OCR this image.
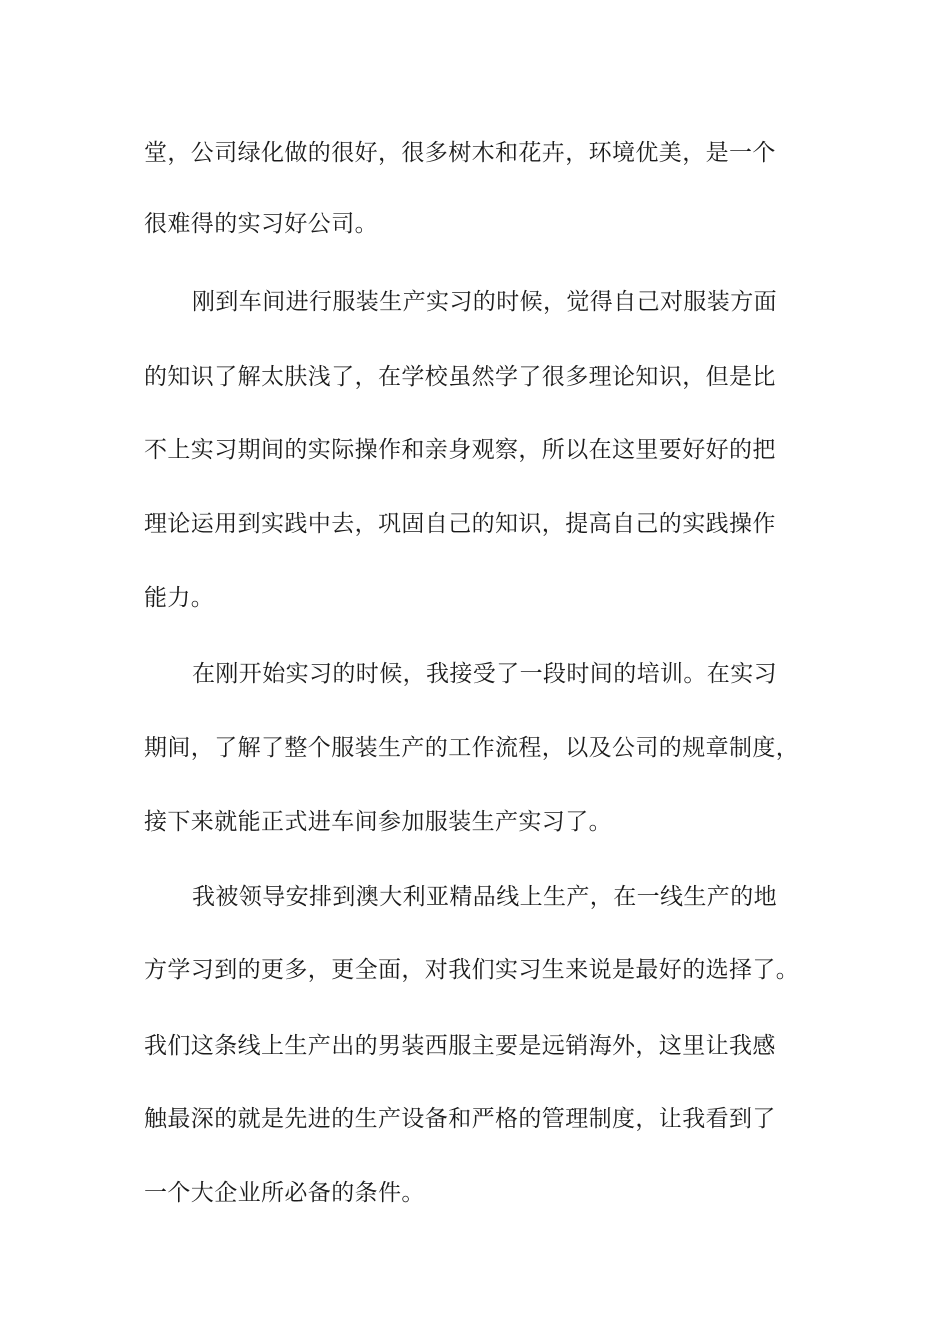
堂，公司绿化做的很好，很多树木和花卉，环境优美，是一个
很难得的实习好公司。
刚到车间进行服装生产实习的时候，觉得自己对服装方面
的知识了解太肤浅了，在学校虽然学了很多理论知识，但是比
不上实习期间的实际操作和亲身观察，所以在这里要好好的把
理论运用到实践中去，巩固自己的知识，提高自己的实践操作
能力。
在刚开始实习的时候，我接受了一段时间的培训。在实习
期间，了解了整个服装生产的工作流程，以及公司的规章制度，
接下来就能正式进车间参加服装生产实习了。
我被领导安排到澳大利亚精品线上生产，在一线生产的地
方学习到的更多，更全面，对我们实习生来说是最好的选择了。
我们这条线上生产出的男装西服主要是远销海外，这里让我感
触最深的就是先进的生产设备和严格的管理制度，让我看到了
一个大企业所必备的条件。
